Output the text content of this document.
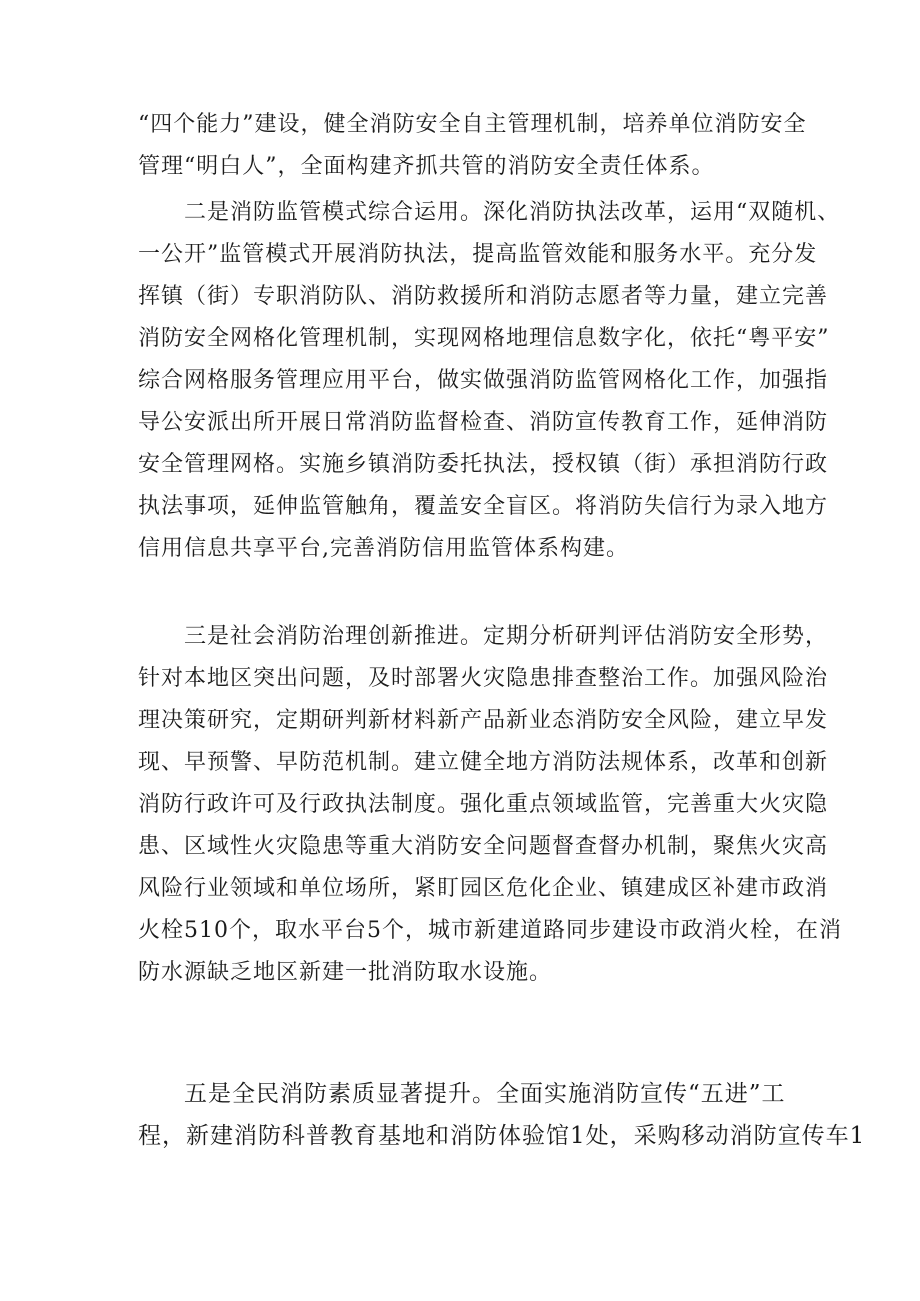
“四个能力”建设，健全消防安全自主管理机制，培养单位消防安全
管理“明白人”，全面构建齐抓共管的消防安全责任体系。
二是消防监管模式综合运用。深化消防执法改革，运用“双随机、
一公开”监管模式开展消防执法，提高监管效能和服务水平。充分发
挥镇（街）专职消防队、消防救援所和消防志愿者等力量，建立完善
消防安全网格化管理机制，实现网格地理信息数字化，依托“粤平安”
综合网格服务管理应用平台，做实做强消防监管网格化工作，加强指
导公安派出所开展日常消防监督检查、消防宣传教育工作，延伸消防
安全管理网格。实施乡镇消防委托执法，授权镇（街）承担消防行政
执法事项，延伸监管触角，覆盖安全盲区。将消防失信行为录入地方
信用信息共享平台,完善消防信用监管体系构建。
三是社会消防治理创新推进。定期分析研判评估消防安全形势，
针对本地区突出问题，及时部署火灾隐患排查整治工作。加强风险治
理决策研究，定期研判新材料新产品新业态消防安全风险，建立早发
现、早预警、早防范机制。建立健全地方消防法规体系，改革和创新
消防行政许可及行政执法制度。强化重点领域监管，完善重大火灾隐
患、区域性火灾隐患等重大消防安全问题督查督办机制，聚焦火灾高
风险行业领域和单位场所，紧盯园区危化企业、镇建成区补建市政消
火栓510个，取水平台5个，城市新建道路同步建设市政消火栓，在消
防水源缺乏地区新建一批消防取水设施。
五是全民消防素质显著提升。全面实施消防宣传“五进”工
程，新建消防科普教育基地和消防体验馆1处，采购移动消防宣传车1
